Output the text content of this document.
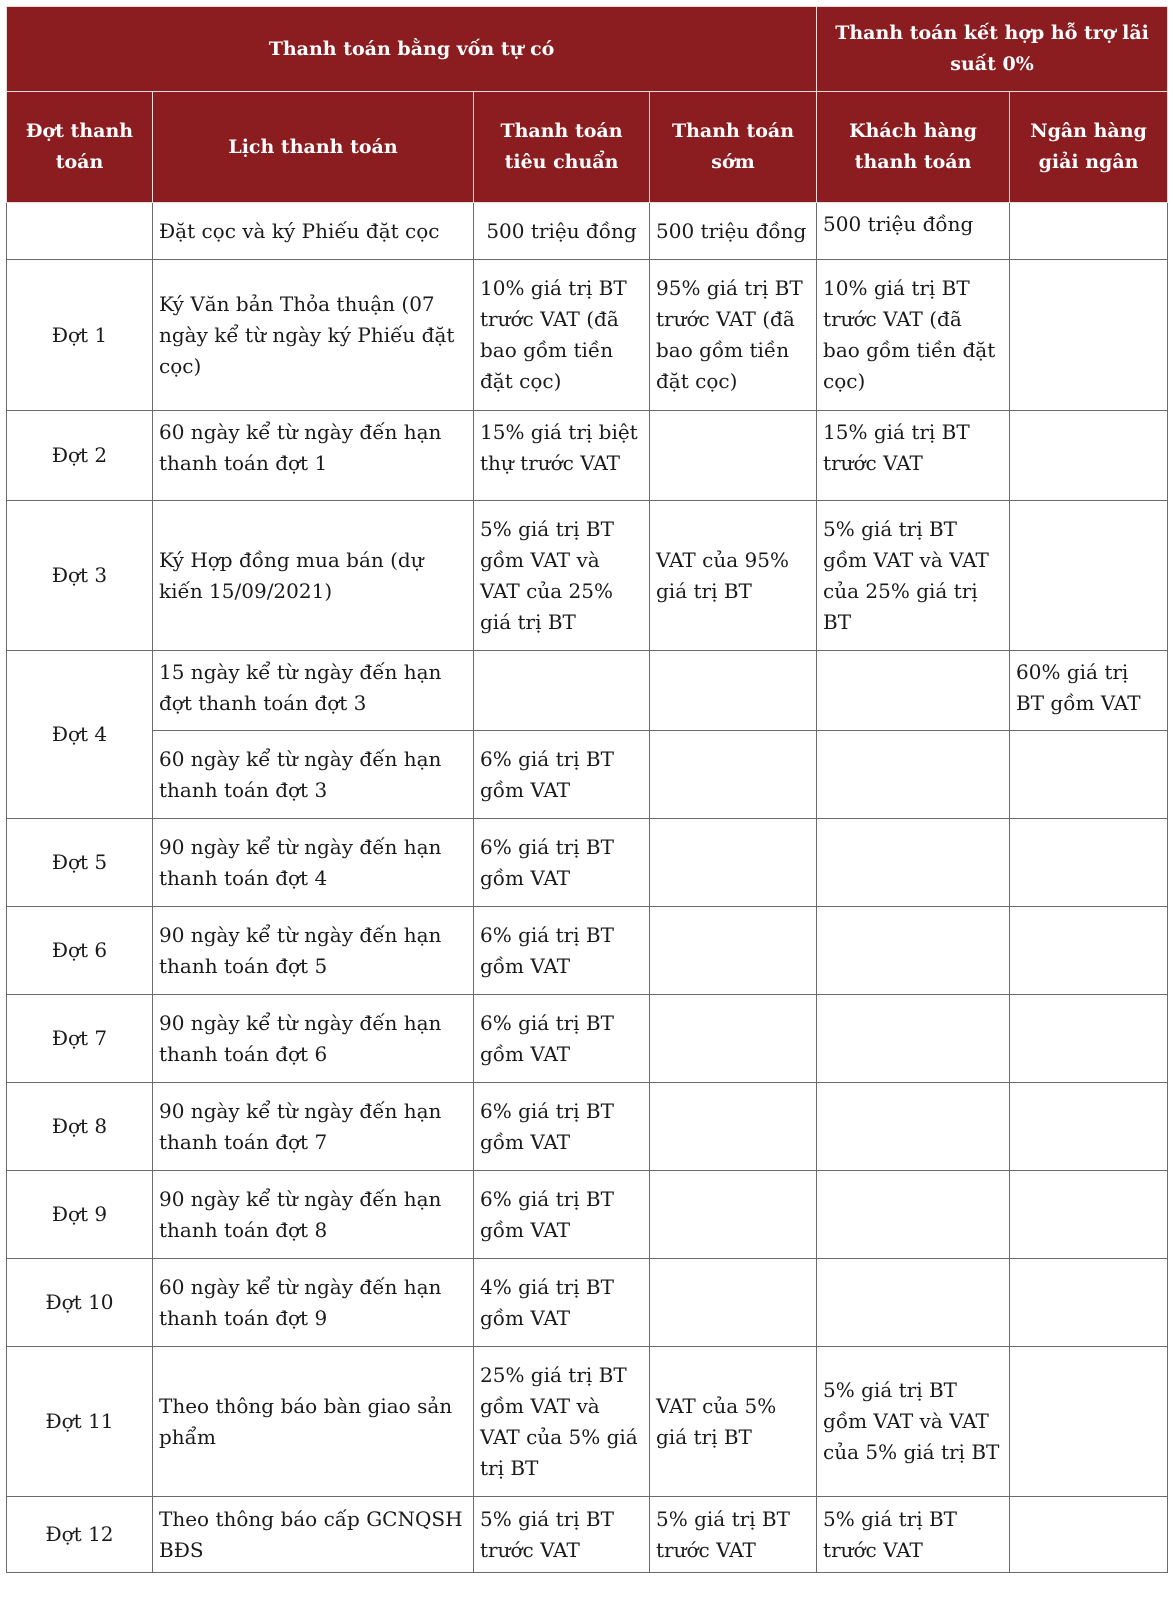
Thanh toán bằng vốn tự có				Thanh toán kết hợp hỗ trợ lãi suất 0%	
Đợt thanh toán	Lịch thanh toán	Thanh toán tiêu chuẩn	Thanh toán sớm	Khách hàng thanh toán	Ngân hàng giải ngân
	Đặt cọc và ký Phiếu đặt cọc	500 triệu đồng	500 triệu đồng	500 triệu đồng	
Đợt 1	Ký Văn bản Thỏa thuận (07 ngày kể từ ngày ký Phiếu đặt cọc)	10% giá trị BT trước VAT (đã bao gồm tiền đặt cọc)	95% giá trị BT trước VAT (đã bao gồm tiền đặt cọc)	10% giá trị BT trước VAT (đã bao gồm tiền đặt cọc)	
Đợt 2	60 ngày kể từ ngày đến hạn thanh toán đợt 1	15% giá trị biệt thự trước VAT		15% giá trị BT trước VAT	
Đợt 3	Ký Hợp đồng mua bán (dự kiến 15/09/2021)	5% giá trị BT gồm VAT và VAT của 25% giá trị BT	VAT của 95% giá trị BT	5% giá trị BT gồm VAT và VAT của 25% giá trị BT	
Đợt 4	15 ngày kể từ ngày đến hạn đợt thanh toán đợt 3				60% giá trị BT gồm VAT
	60 ngày kể từ ngày đến hạn thanh toán đợt 3	6% giá trị BT gồm VAT			
Đợt 5	90 ngày kể từ ngày đến hạn thanh toán đợt 4	6% giá trị BT gồm VAT			
Đợt 6	90 ngày kể từ ngày đến hạn thanh toán đợt 5	6% giá trị BT gồm VAT			
Đợt 7	90 ngày kể từ ngày đến hạn thanh toán đợt 6	6% giá trị BT gồm VAT			
Đợt 8	90 ngày kể từ ngày đến hạn thanh toán đợt 7	6% giá trị BT gồm VAT			
Đợt 9	90 ngày kể từ ngày đến hạn thanh toán đợt 8	6% giá trị BT gồm VAT			
Đợt 10	60 ngày kể từ ngày đến hạn thanh toán đợt 9	4% giá trị BT gồm VAT			
Đợt 11	Theo thông báo bàn giao sản phẩm	25% giá trị BT gồm VAT và VAT của 5% giá trị BT	VAT của 5% giá trị BT	5% giá trị BT gồm VAT và VAT của 5% giá trị BT	
Đợt 12	Theo thông báo cấp GCNQSH BĐS	5% giá trị BT trước VAT	5% giá trị BT trước VAT	5% giá trị BT trước VAT	
